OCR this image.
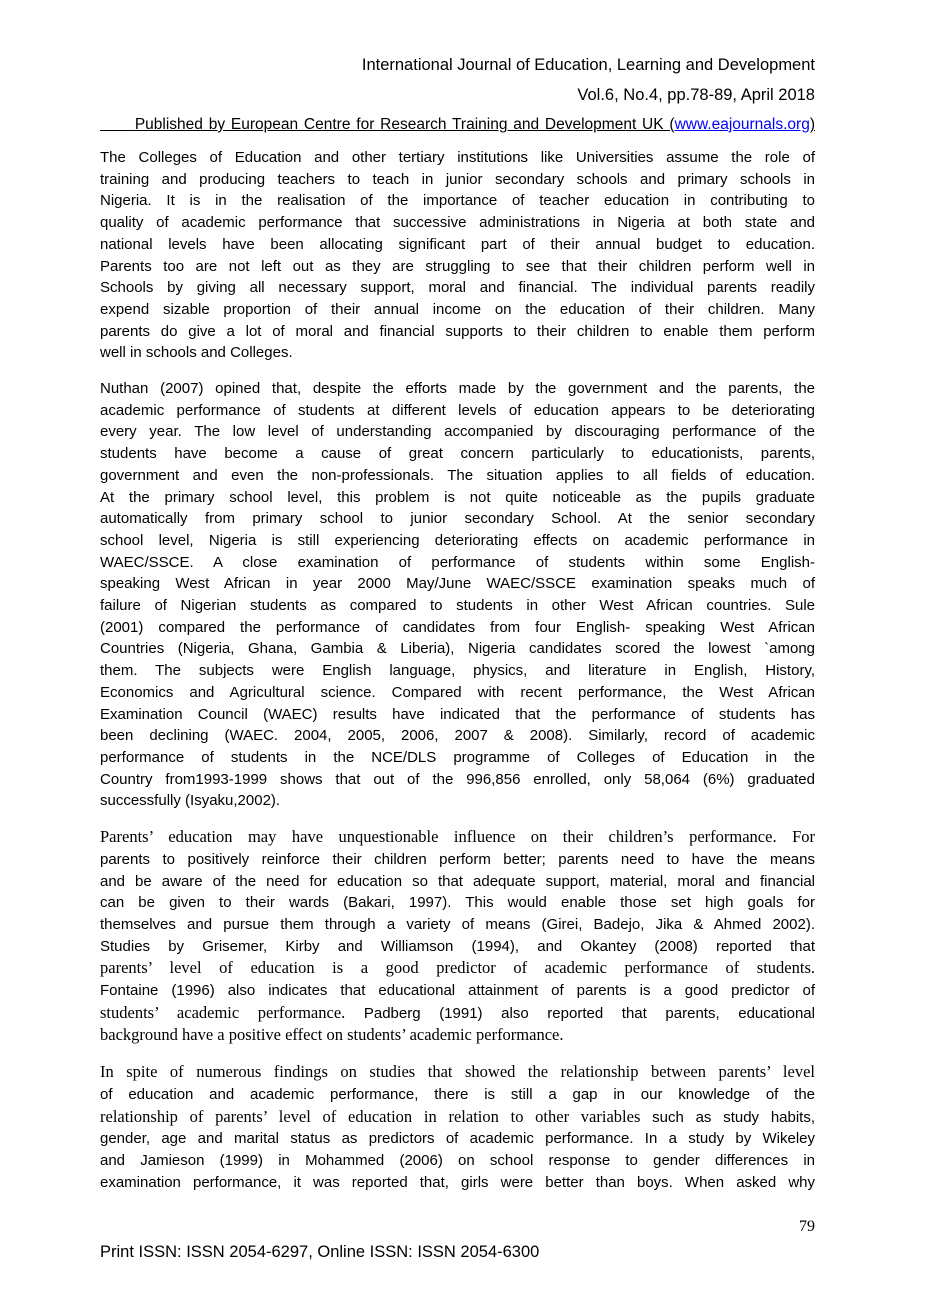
International Journal of Education, Learning and Development
Vol.6, No.4, pp.78-89, April 2018
Published by European Centre for Research Training and Development UK (www.eajournals.org)
The Colleges of Education and other tertiary institutions like Universities assume the role of
training and producing teachers to teach in junior secondary schools and primary schools in
Nigeria. It is in the realisation of the importance of teacher education in contributing to
quality of academic performance that successive administrations in Nigeria at both state and
national levels have been allocating significant part of their annual budget to education.
Parents too are not left out as they are struggling to see that their children perform well in
Schools by giving all necessary support, moral and financial. The individual parents readily
expend sizable proportion of their annual income on the education of their children. Many
parents do give a lot of moral and financial supports to their children to enable them perform
well in schools and Colleges.
Nuthan (2007) opined that, despite the efforts made by the government and the parents, the
academic performance of students at different levels of education appears to be deteriorating
every year. The low level of understanding accompanied by discouraging performance of the
students have become a cause of great concern particularly to educationists, parents,
government and even the non-professionals. The situation applies to all fields of education.
At the primary school level, this problem is not quite noticeable as the pupils graduate
automatically from primary school to junior secondary School. At the senior secondary
school level, Nigeria is still experiencing deteriorating effects on academic performance in
WAEC/SSCE. A close examination of performance of students within some English-
speaking West African in year 2000 May/June WAEC/SSCE examination speaks much of
failure of Nigerian students as compared to students in other West African countries. Sule
(2001) compared the performance of candidates from four English- speaking West African
Countries (Nigeria, Ghana, Gambia & Liberia), Nigeria candidates scored the lowest `among
them. The subjects were English language, physics, and literature in English, History,
Economics and Agricultural science. Compared with recent performance, the West African
Examination Council (WAEC) results have indicated that the performance of students has
been declining (WAEC. 2004, 2005, 2006, 2007 & 2008). Similarly, record of academic
performance of students in the NCE/DLS programme of Colleges of Education in the
Country from1993-1999 shows that out of the 996,856 enrolled, only 58,064 (6%) graduated
successfully (Isyaku,2002).
Parents’ education may have unquestionable influence on their children’s performance. For
parents to positively reinforce their children perform better; parents need to have the means
and be aware of the need for education so that adequate support, material, moral and financial
can be given to their wards (Bakari, 1997). This would enable those set high goals for
themselves and pursue them through a variety of means (Girei, Badejo, Jika & Ahmed 2002).
Studies by Grisemer, Kirby and Williamson (1994), and Okantey (2008) reported that
parents’ level of education is a good predictor of academic performance of students.
Fontaine (1996) also indicates that educational attainment of parents is a good predictor of
students’ academic performance. Padberg (1991) also reported that parents, educational
background have a positive effect on students’ academic performance.
In spite of numerous findings on studies that showed the relationship between parents’ level
of education and academic performance, there is still a gap in our knowledge of the
relationship of parents’ level of education in relation to other variables such as study habits,
gender, age and marital status as predictors of academic performance. In a study by Wikeley
and Jamieson (1999) in Mohammed (2006) on school response to gender differences in
examination performance, it was reported that, girls were better than boys. When asked why
79
Print ISSN: ISSN 2054-6297, Online ISSN: ISSN 2054-6300
